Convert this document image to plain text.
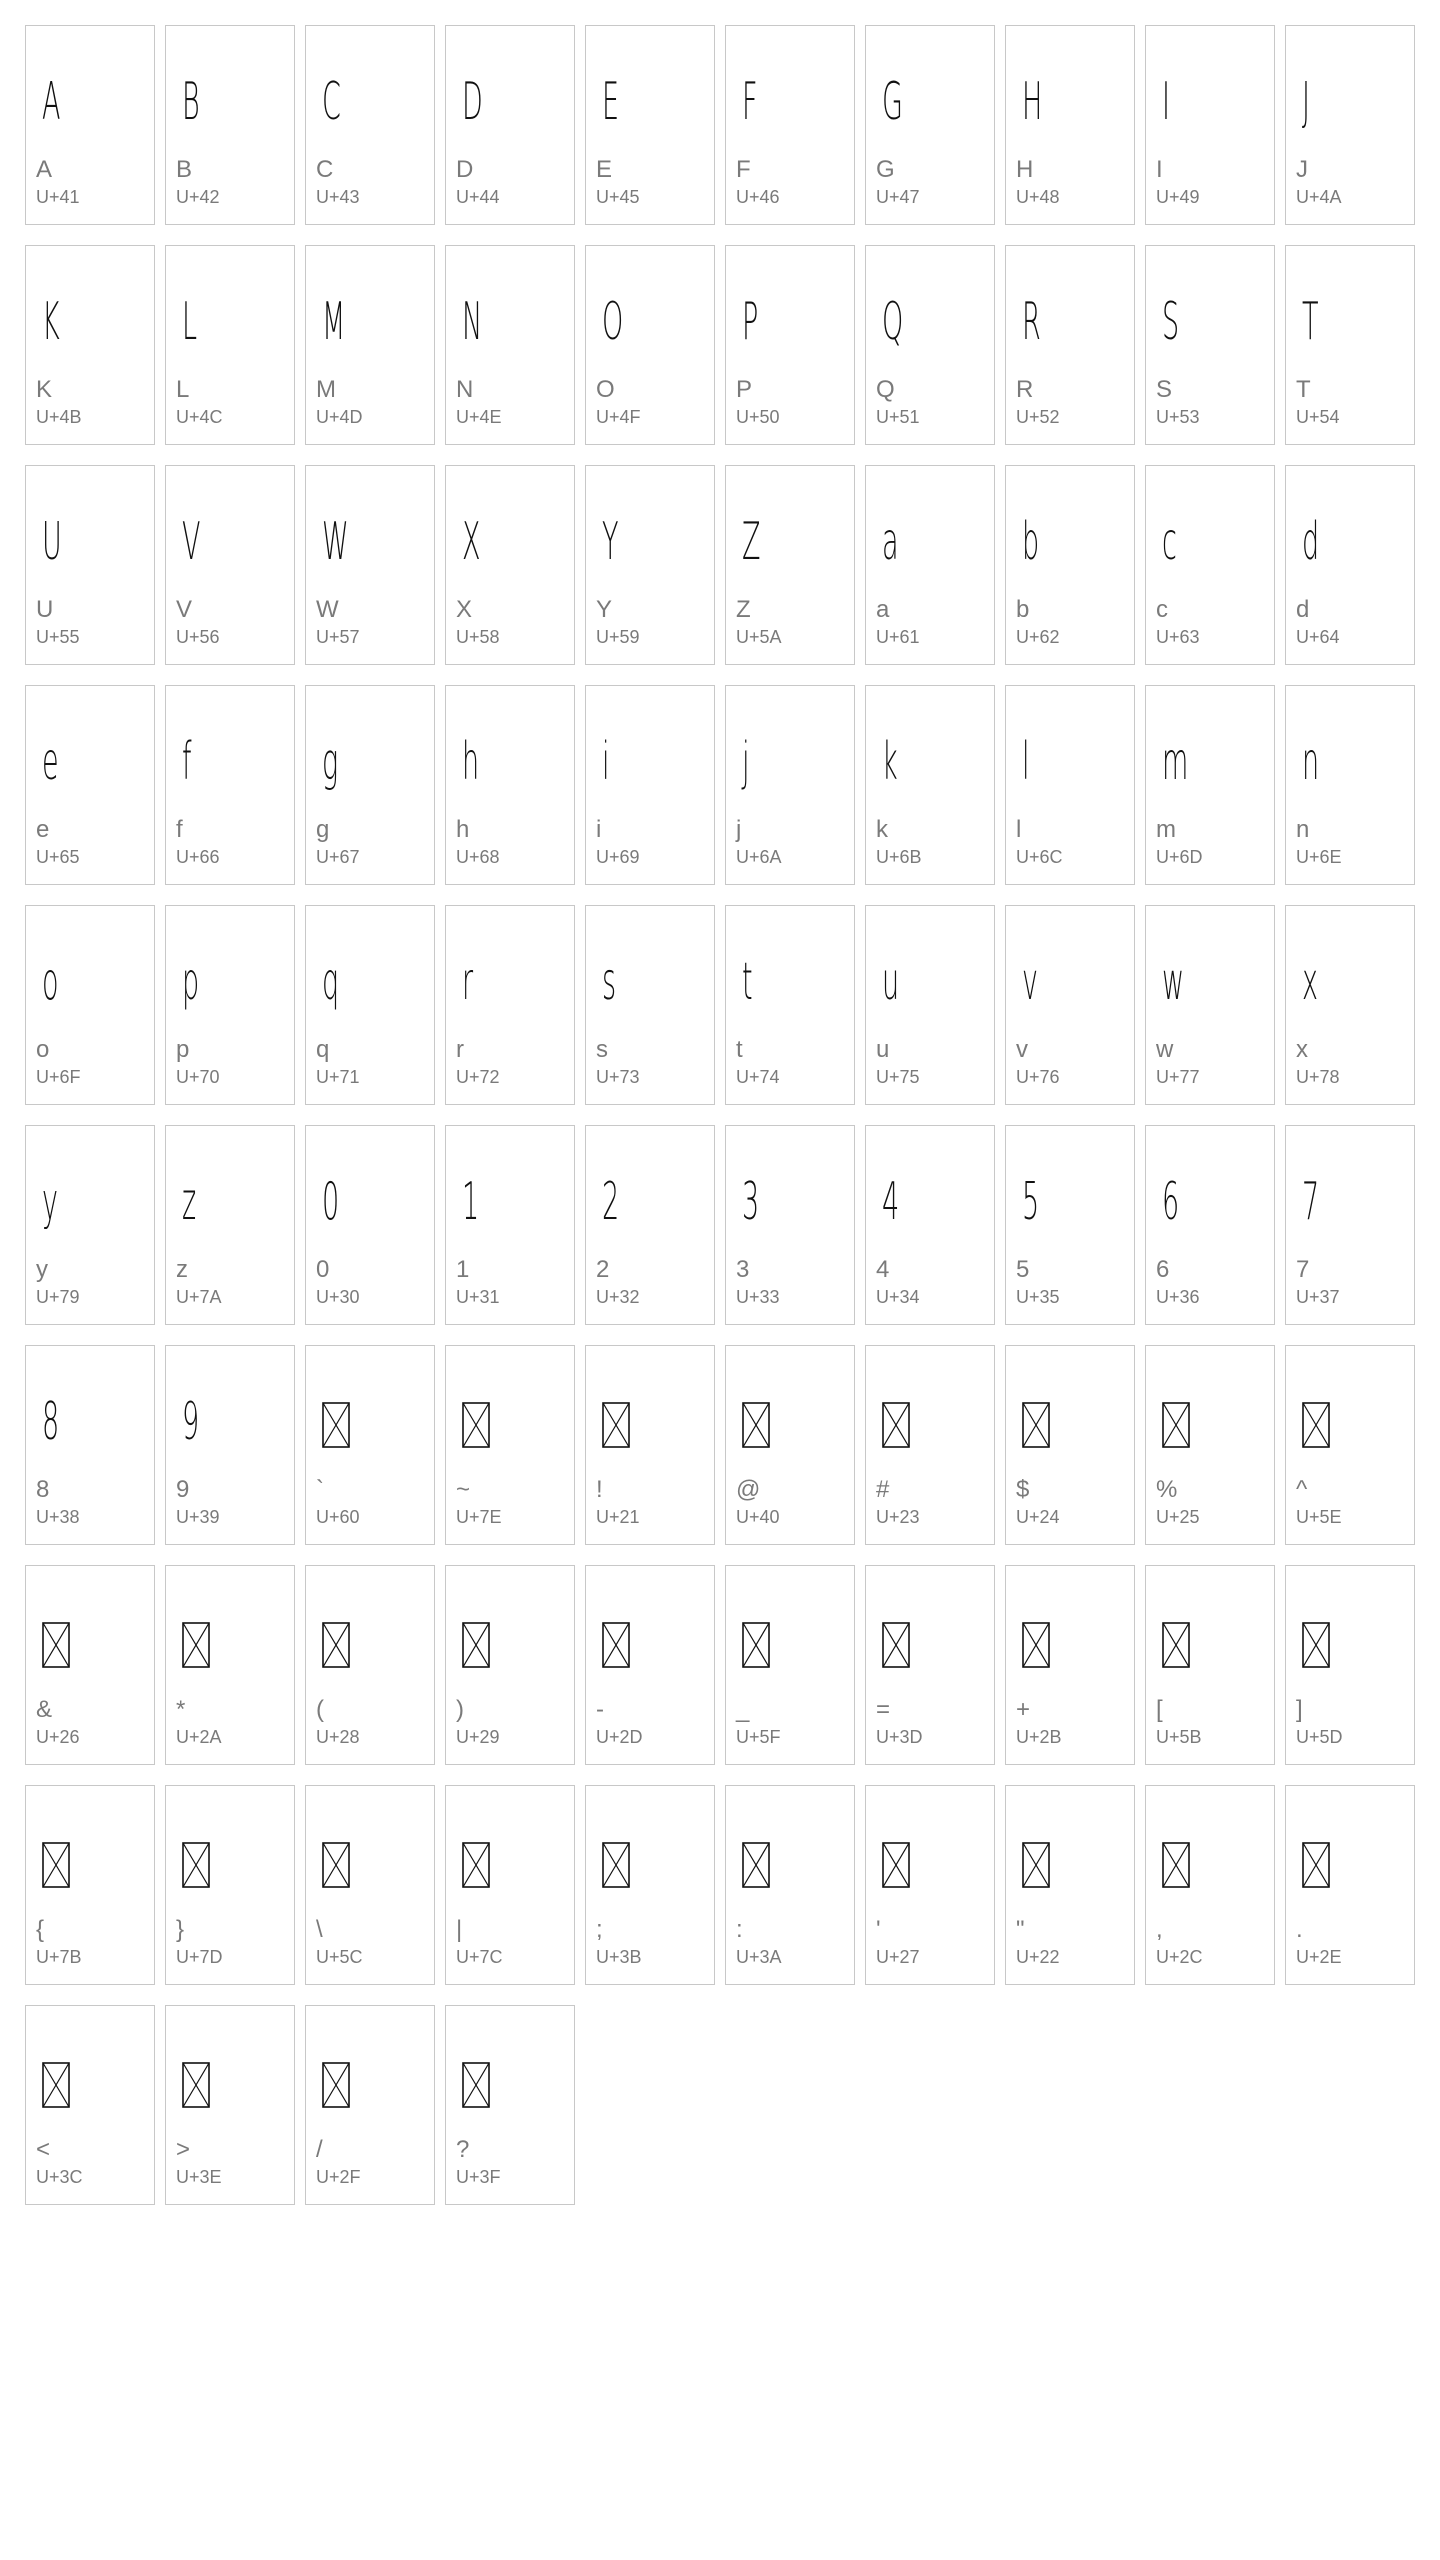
A
A
U+41
B
B
U+42
C
C
U+43
D
D
U+44
E
E
U+45
F
F
U+46
G
G
U+47
H
H
U+48
I
I
U+49
J
J
U+4A
K
K
U+4B
L
L
U+4C
M
M
U+4D
N
N
U+4E
O
O
U+4F
P
P
U+50
Q
Q
U+51
R
R
U+52
S
S
U+53
T
T
U+54
U
U
U+55
V
V
U+56
W
W
U+57
X
X
U+58
Y
Y
U+59
Z
Z
U+5A
a
a
U+61
b
b
U+62
c
c
U+63
d
d
U+64
e
e
U+65
f
f
U+66
g
g
U+67
h
h
U+68
i
i
U+69
j
j
U+6A
k
k
U+6B
l
l
U+6C
m
m
U+6D
n
n
U+6E
o
o
U+6F
p
p
U+70
q
q
U+71
r
r
U+72
s
s
U+73
t
t
U+74
u
u
U+75
v
v
U+76
w
w
U+77
x
x
U+78
y
y
U+79
z
z
U+7A
0
0
U+30
1
1
U+31
2
2
U+32
3
3
U+33
4
4
U+34
5
5
U+35
6
6
U+36
7
7
U+37
8
8
U+38
9
9
U+39
`
U+60
~
U+7E
!
U+21
@
U+40
#
U+23
$
U+24
%
U+25
^
U+5E
&
U+26
*
U+2A
(
U+28
)
U+29
-
U+2D
_
U+5F
=
U+3D
+
U+2B
[
U+5B
]
U+5D
{
U+7B
}
U+7D
\
U+5C
|
U+7C
;
U+3B
:
U+3A
'
U+27
"
U+22
,
U+2C
.
U+2E
<
U+3C
>
U+3E
/
U+2F
?
U+3F
